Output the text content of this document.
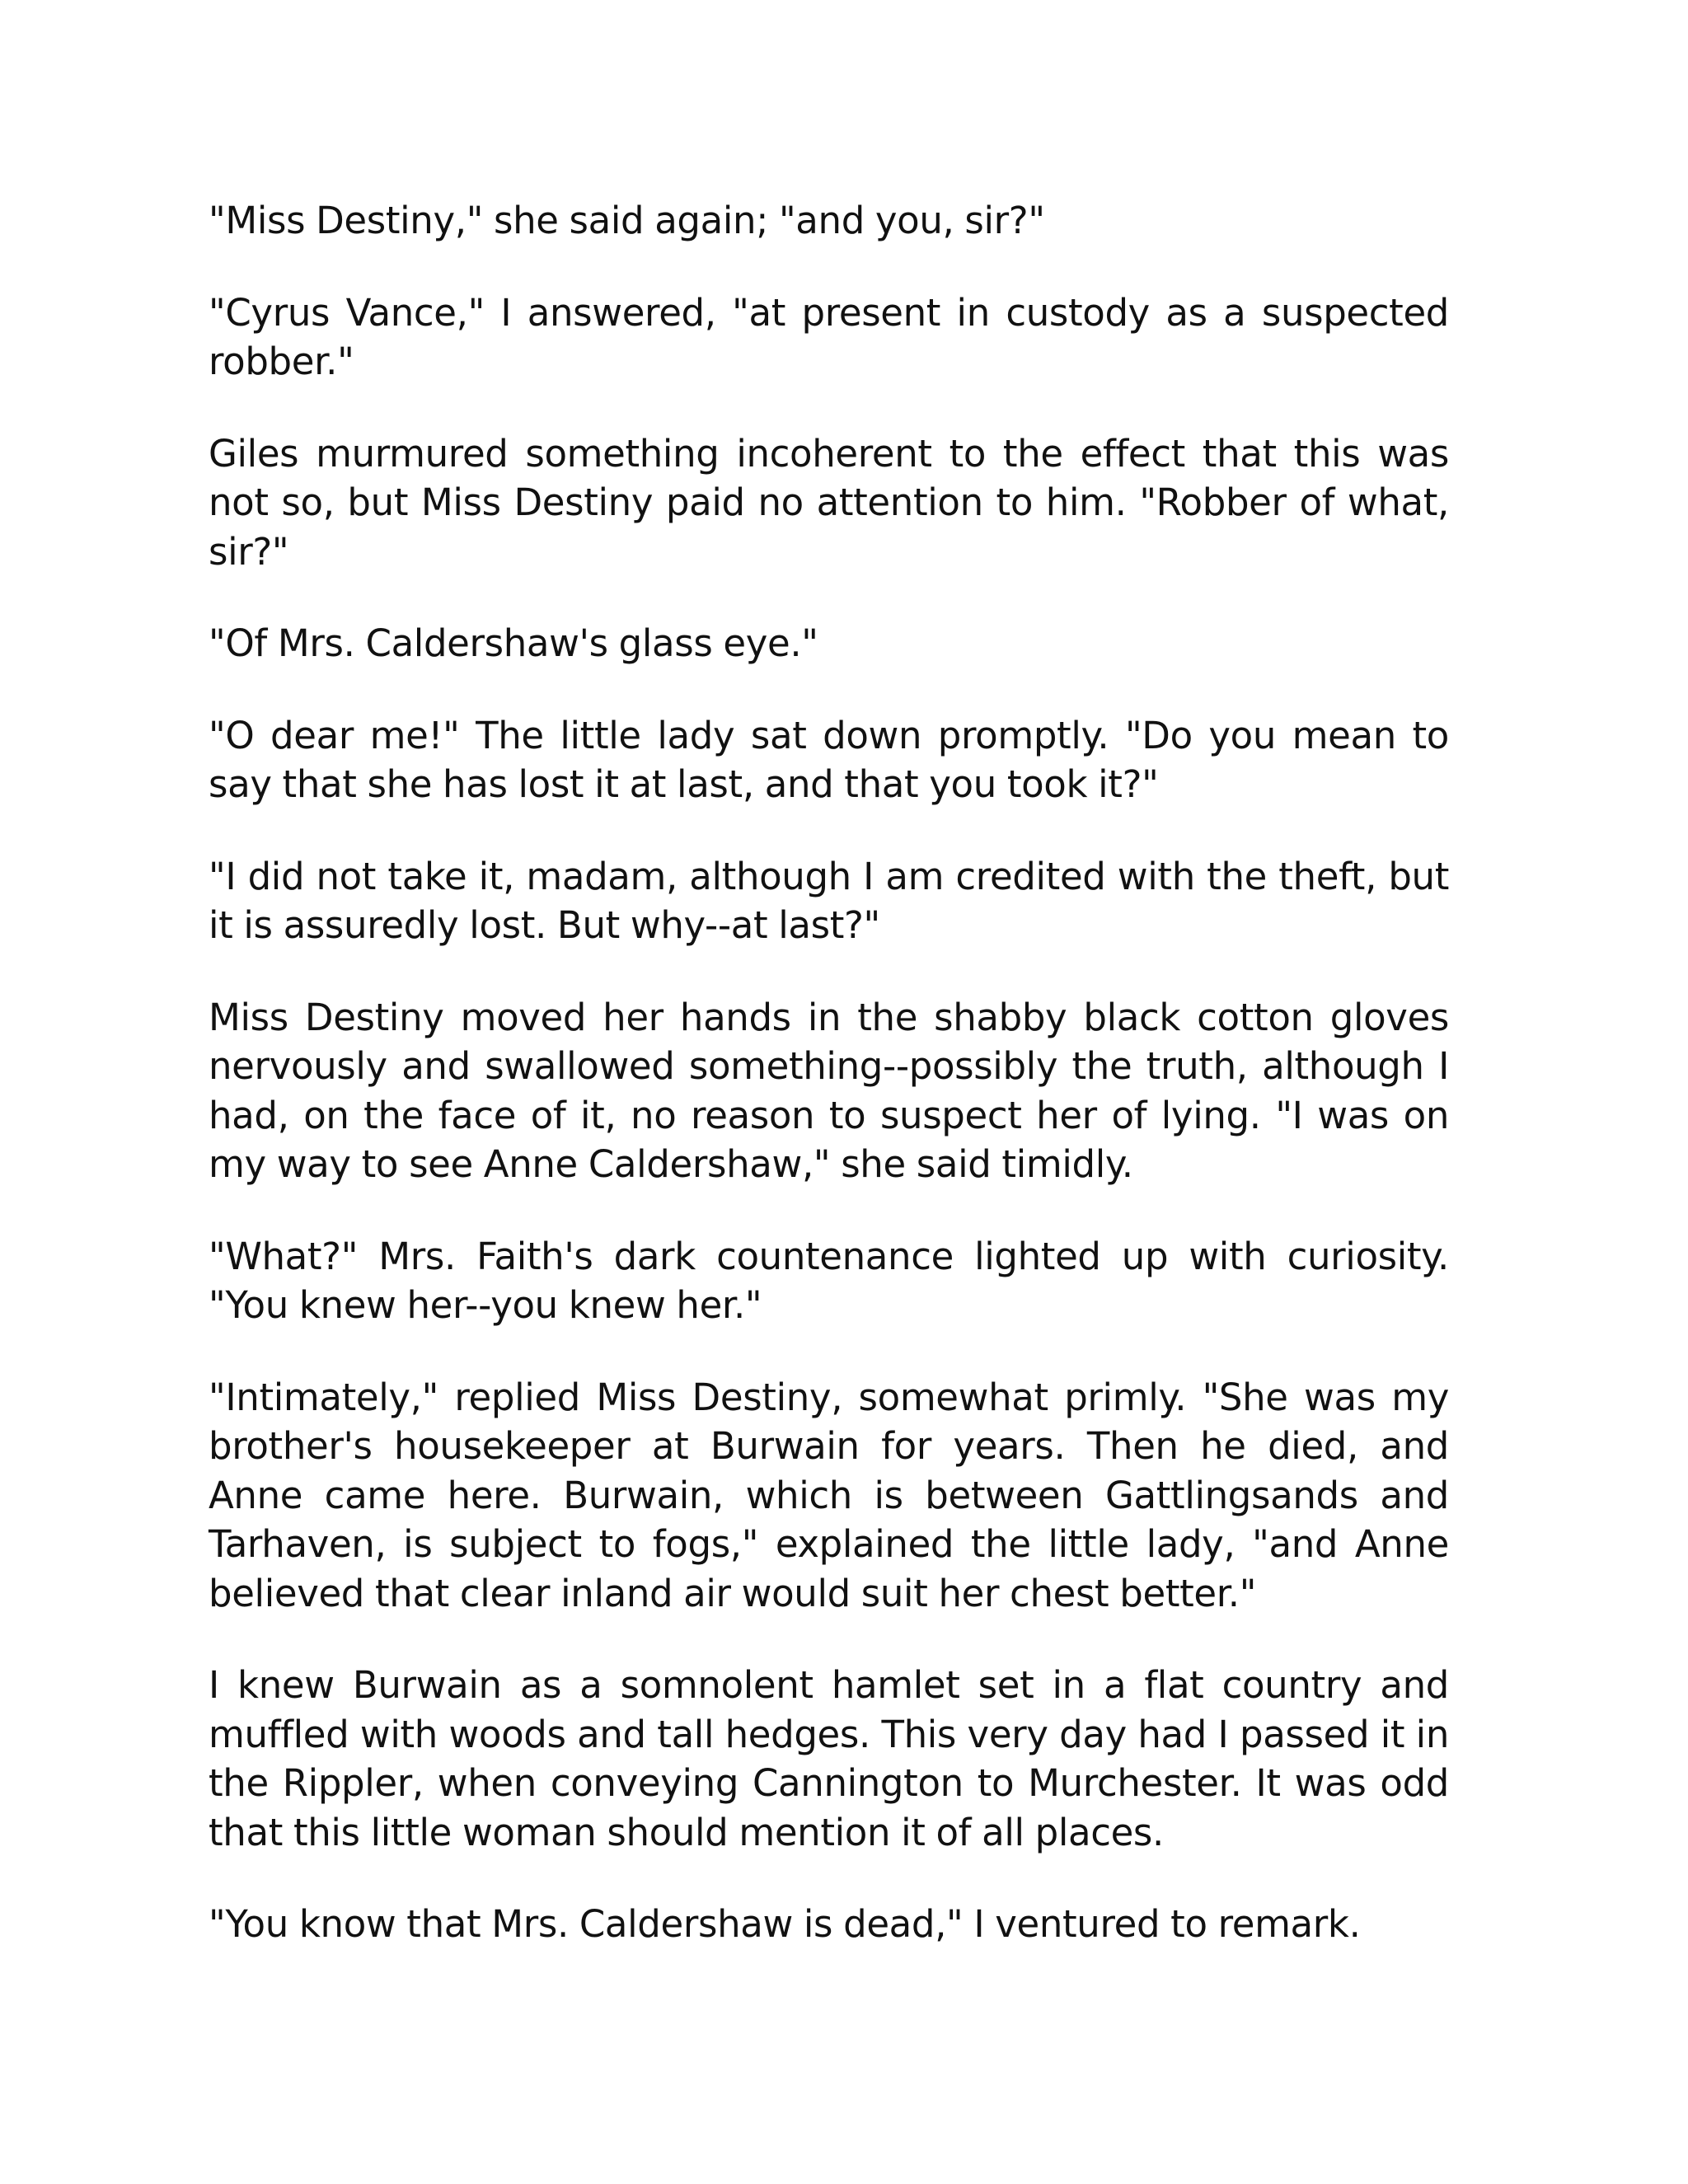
"Miss Destiny," she said again; "and you, sir?"

"Cyrus Vance," I answered, "at present in custody as a suspected robber."

Giles murmured something incoherent to the effect that this was not so, but Miss Destiny paid no attention to him. "Robber of what, sir?"

"Of Mrs. Caldershaw's glass eye."

"O dear me!" The little lady sat down promptly. "Do you mean to say that she has lost it at last, and that you took it?"

"I did not take it, madam, although I am credited with the theft, but it is assuredly lost. But why--at last?"

Miss Destiny moved her hands in the shabby black cotton gloves nervously and swallowed something--possibly the truth, although I had, on the face of it, no reason to suspect her of lying. "I was on my way to see Anne Caldershaw," she said timidly.

"What?" Mrs. Faith's dark countenance lighted up with curiosity. "You knew her--you knew her."

"Intimately," replied Miss Destiny, somewhat primly. "She was my brother's housekeeper at Burwain for years. Then he died, and Anne came here. Burwain, which is between Gattlingsands and Tarhaven, is subject to fogs," explained the little lady, "and Anne believed that clear inland air would suit her chest better."

I knew Burwain as a somnolent hamlet set in a flat country and muffled with woods and tall hedges. This very day had I passed it in the Rippler, when conveying Cannington to Murchester. It was odd that this little woman should mention it of all places.

"You know that Mrs. Caldershaw is dead," I ventured to remark.
